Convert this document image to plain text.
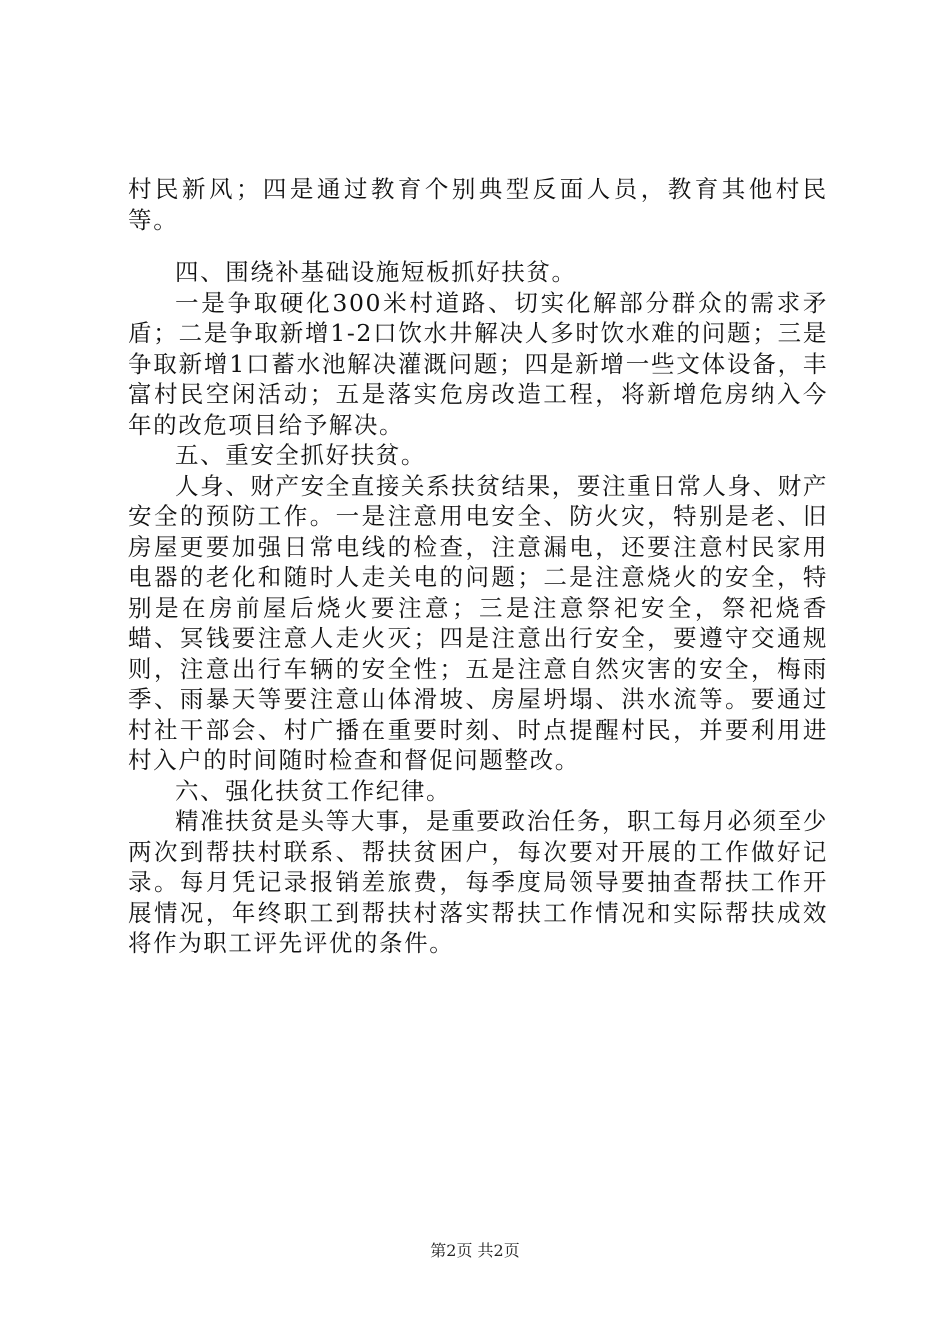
村民新风；四是通过教育个别典型反面人员，教育其他村民等。

四、围绕补基础设施短板抓好扶贫。

一是争取硬化300米村道路、切实化解部分群众的需求矛盾；二是争取新增1-2口饮水井解决人多时饮水难的问题；三是争取新增1口蓄水池解决灌溉问题；四是新增一些文体设备，丰富村民空闲活动；五是落实危房改造工程，将新增危房纳入今年的改危项目给予解决。

五、重安全抓好扶贫。

人身、财产安全直接关系扶贫结果，要注重日常人身、财产安全的预防工作。一是注意用电安全、防火灾，特别是老、旧房屋更要加强日常电线的检查，注意漏电，还要注意村民家用电器的老化和随时人走关电的问题；二是注意烧火的安全，特别是在房前屋后烧火要注意；三是注意祭祀安全，祭祀烧香蜡、冥钱要注意人走火灭；四是注意出行安全，要遵守交通规则，注意出行车辆的安全性；五是注意自然灾害的安全，梅雨季、雨暴天等要注意山体滑坡、房屋坍塌、洪水流等。要通过村社干部会、村广播在重要时刻、时点提醒村民，并要利用进村入户的时间随时检查和督促问题整改。

六、强化扶贫工作纪律。

精准扶贫是头等大事，是重要政治任务，职工每月必须至少两次到帮扶村联系、帮扶贫困户，每次要对开展的工作做好记录。每月凭记录报销差旅费，每季度局领导要抽查帮扶工作开展情况，年终职工到帮扶村落实帮扶工作情况和实际帮扶成效将作为职工评先评优的条件。

第2页 共2页
